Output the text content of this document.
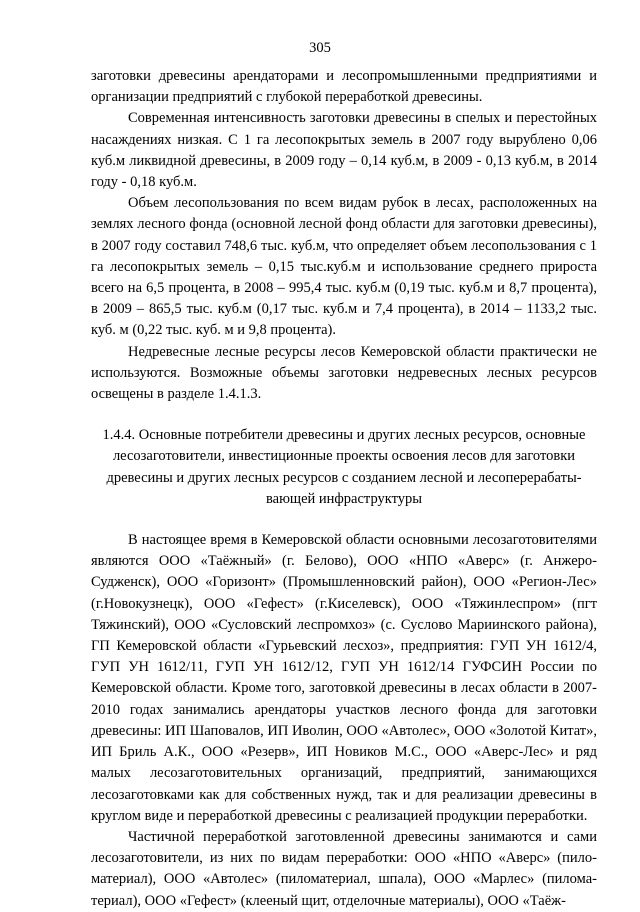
305

заготовки древесины арендаторами и лесопромышленными предприятиями и организации предприятий с глубокой переработкой древесины.

Современная интенсивность заготовки древесины в спелых и перестойных насаждениях низкая. С 1 га лесопокрытых земель в 2007 году вырублено 0,06 куб.м ликвидной древесины, в 2009 году – 0,14 куб.м, в 2009 - 0,13 куб.м, в 2014 году - 0,18 куб.м.

Объем лесопользования по всем видам рубок в лесах, расположенных на землях лесного фонда (основной лесной фонд области для заготовки древесины), в 2007 году составил 748,6 тыс. куб.м, что определяет объем лесопользования с 1 га лесопокрытых земель – 0,15 тыс.куб.м и использование среднего прироста всего на 6,5 процента, в 2008 – 995,4 тыс. куб.м (0,19 тыс. куб.м и 8,7 процента), в 2009 – 865,5 тыс. куб.м (0,17 тыс. куб.м и 7,4 процента), в 2014 – 1133,2 тыс. куб. м (0,22 тыс. куб. м и 9,8 процента).

Недревесные лесные ресурсы лесов Кемеровской области практически не используются. Возможные объемы заготовки недревесных лесных ресурсов освещены в разделе 1.4.1.3.

1.4.4. Основные потребители древесины и других лесных ресурсов, основные
лесозаготовители, инвестиционные проекты освоения лесов для заготовки
древесины и других лесных ресурсов с созданием лесной и лесоперерабаты-
вающей инфраструктуры

В настоящее время в Кемеровской области основными лесозаготовителями являются ООО «Таёжный» (г. Белово), ООО «НПО «Аверс» (г. Анжеро-Судженск), ООО «Горизонт» (Промышленновский район), ООО «Регион-Лес» (г.Новокузнецк), ООО «Гефест» (г.Киселевск), ООО «Тяжинлеспром» (пгт Тяжинский), ООО «Сусловский леспромхоз» (с. Суслово Мариинского района), ГП Кемеровской области «Гурьевский лесхоз», предприятия: ГУП УН 1612/4, ГУП УН 1612/11, ГУП УН 1612/12, ГУП УН 1612/14 ГУФСИН России по Кемеровской области. Кроме того, заготовкой древесины в лесах области в 2007-2010 годах занимались арендаторы участков лесного фонда для заготовки древесины: ИП Шаповалов, ИП Иволин, ООО «Автолес», ООО «Золотой Китат», ИП Бриль А.К., ООО «Резерв», ИП Новиков М.С., ООО «Аверс-Лес» и ряд малых лесозаготовительных организаций, предприятий, занимающихся лесозаготовками как для собственных нужд, так и для реализации древесины в круглом виде и переработкой древесины с реализацией продукции переработки.

Частичной переработкой заготовленной древесины занимаются и сами лесозаготовители, из них по видам переработки: ООО «НПО «Аверс» (пиломатериал), ООО «Автолес» (пиломатериал, шпала), ООО «Марлес» (пиломатериал), ООО «Гефест» (клееный щит, отделочные материалы), ООО «Таёж-
